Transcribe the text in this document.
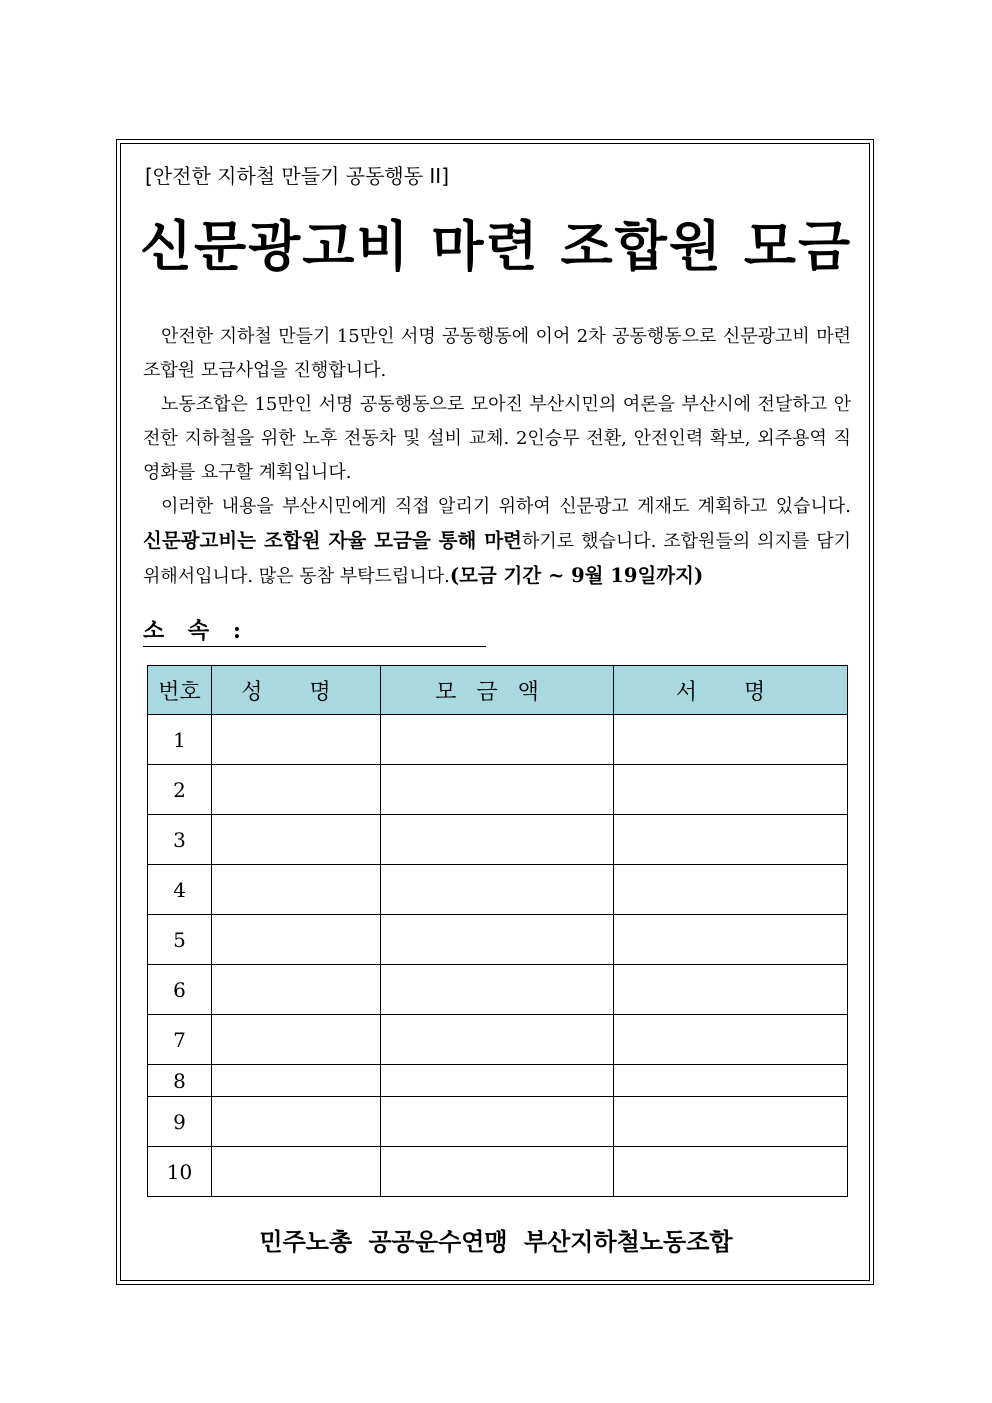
[안전한 지하철 만들기 공동행동 II]
신문광고비 마련 조합원 모금

안전한 지하철 만들기 15만인 서명 공동행동에 이어 2차 공동행동으로 신문광고비 마련 조합원 모금사업을 진행합니다.

노동조합은 15만인 서명 공동행동으로 모아진 부산시민의 여론을 부산시에 전달하고 안전한 지하철을 위한 노후 전동차 및 설비 교체. 2인승무 전환, 안전인력 확보, 외주용역 직영화를 요구할 계획입니다.

이러한 내용을 부산시민에게 직접 알리기 위하여 신문광고 게재도 계획하고 있습니다. 신문광고비는 조합원 자율 모금을 통해 마련하기로 했습니다. 조합원들의 의지를 담기 위해서입니다. 많은 동참 부탁드립니다.(모금 기간 ~ 9월 19일까지)

소 속 :
번호	성 명	모금액	서 명
1			
2			
3			
4			
5			
6			
7			
8			
9			
10			
민주노총 공공운수연맹 부산지하철노동조합
